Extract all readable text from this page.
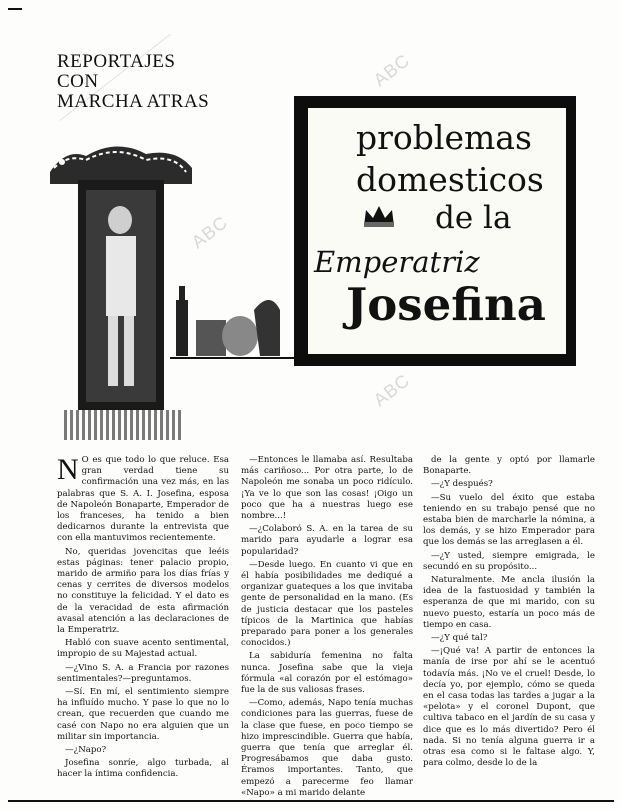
ABC
ABC
ABC
REPORTAJES
CON
MARCHA ATRAS
problemas
domesticos
de la
Emperatriz
Josefina

N O es que todo lo que reluce. Esa gran verdad tiene su confirmación una vez más, en las palabras que S. A. I. Josefina, esposa de Napoleón Bonaparte, Emperador de los franceses, ha tenido a bien dedicarnos durante la entrevista que con ella mantuvimos recientemente.

No, queridas jovencitas que leéis estas páginas: tener palacio propio, marido de armiño para los días frías y cenas y cerrites de diversos modelos no constituye la felicidad. Y el dato es de la veracidad de esta afirmación avasal atención a las declaraciones de la Emperatriz.

Habló con suave acento sentimental, impropio de su Majestad actual.

—¿Vino S. A. a Francia por razones sentimentales?—preguntamos.

—Sí. En mí, el sentimiento siempre ha influído mucho. Y pase lo que no lo crean, que recuerden que cuando me casé con Napo no era alguien que un militar sin importancia.

—¿Napo?

Josefina sonríe, algo turbada, al hacer la íntima confidencia.

—Entonces le llamaba así. Resultaba más cariñoso... Por otra parte, lo de Napoleón me sonaba un poco ridículo. ¡Ya ve lo que son las cosas! ¡Oigo un poco que ha a nuestras luego ese nombre...!

—¿Colaboró S. A. en la tarea de su marido para ayudarle a lograr esa popularidad?

—Desde luego. En cuanto vi que en él había posibilidades me dediqué a organizar guateques a los que invitaba gente de personalidad en la mano. (Es de justicia destacar que los pasteles típicos de la Martinica que habías preparado para poner a los generales conocidos.)

La sabiduría femenina no falta nunca. Josefina sabe que la vieja fórmula «al corazón por el estómago» fue la de sus valiosas frases.

—Como, además, Napo tenía muchas condiciones para las guerras, fuese de la clase que fuese, en poco tiempo se hizo imprescindible. Guerra que había, guerra que tenía que arreglar él. Progresábamos que daba gusto. Éramos importantes. Tanto, que empezó a parecerme feo llamar «Napo» a mi marido delante

de la gente y optó por llamarle Bonaparte.

—¿Y después?

—Su vuelo del éxito que estaba teniendo en su trabajo pensé que no estaba bien de marcharle la nómina, a los demás, y se hizo Emperador para que los demás se las arreglasen a él.

—¿Y usted, siempre emigrada, le secundó en su propósito...

Naturalmente. Me ancla ilusión la idea de la fastuosidad y también la esperanza de que mi marido, con su nuevo puesto, estaría un poco más de tiempo en casa.

—¿Y qué tal?

—¡Qué va! A partir de entonces la manía de irse por ahí se le acentuó todavía más. ¡No ve el cruel! Desde, lo decía yo, por ejemplo, cómo se queda en el casa todas las tardes a jugar a la «pelota» y el coronel Dupont, que cultiva tabaco en el jardín de su casa y dice que es lo más divertido? Pero él nada. Si no tenía alguna guerra ir a otras esa como si le faltase algo. Y, para colmo, desde lo de la
